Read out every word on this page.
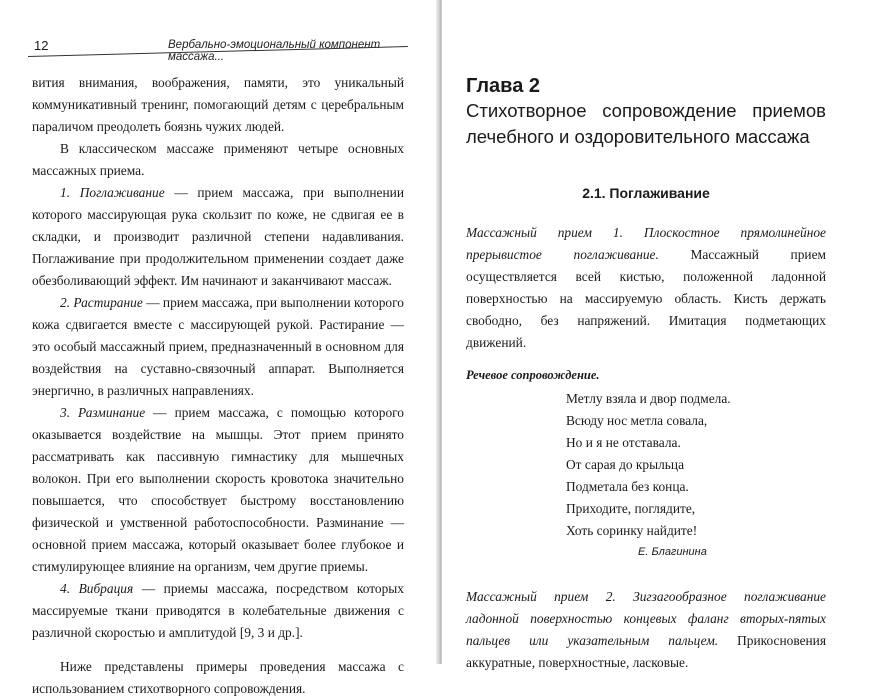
12	Вербально-эмоциональный компонент массажа...

вития внимания, воображения, памяти, это уникальный коммуникативный тренинг, помогающий детям с церебральным параличом преодолеть боязнь чужих людей.

В классическом массаже применяют четыре основных массажных приема.

1. Поглаживание — прием массажа, при выполнении которого массирующая рука скользит по коже, не сдвигая ее в складки, и производит различной степени надавливания. Поглаживание при продолжительном применении создает даже обезболивающий эффект. Им начинают и заканчивают массаж.

2. Растирание — прием массажа, при выполнении которого кожа сдвигается вместе с массирующей рукой. Растирание — это особый массажный прием, предназначенный в основном для воздействия на суставно-связочный аппарат. Выполняется энергично, в различных направлениях.

3. Разминание — прием массажа, с помощью которого оказывается воздействие на мышцы. Этот прием принято рассматривать как пассивную гимнастику для мышечных волокон. При его выполнении скорость кровотока значительно повышается, что способствует быстрому восстановлению физической и умственной работоспособности. Разминание — основной прием массажа, который оказывает более глубокое и стимулирующее влияние на организм, чем другие приемы.

4. Вибрация — приемы массажа, посредством которых массируемые ткани приводятся в колебательные движения с различной скоростью и амплитудой [9, 3 и др.].

Ниже представлены примеры проведения массажа с использованием стихотворного сопровождения.

Глава 2

Стихотворное сопровождение приемов лечебного и оздоровительного массажа

2.1. Поглаживание

Массажный прием 1. Плоскостное прямолинейное прерывистое поглаживание. Массажный прием осуществляется всей кистью, положенной ладонной поверхностью на массируемую область. Кисть держать свободно, без напряжений. Имитация подметающих движений.

Речевое сопровождение.

Метлу взяла и двор подмела.
Всюду нос метла совала,
Но и я не отставала.
От сарая до крыльца
Подметала без конца.
Приходите, поглядите,
Хоть соринку найдите!
Е. Благинина

Массажный прием 2. Зигзагообразное поглаживание ладонной поверхностью концевых фаланг вторых-пятых пальцев или указательным пальцем. Прикосновения аккуратные, поверхностные, ласковые.
